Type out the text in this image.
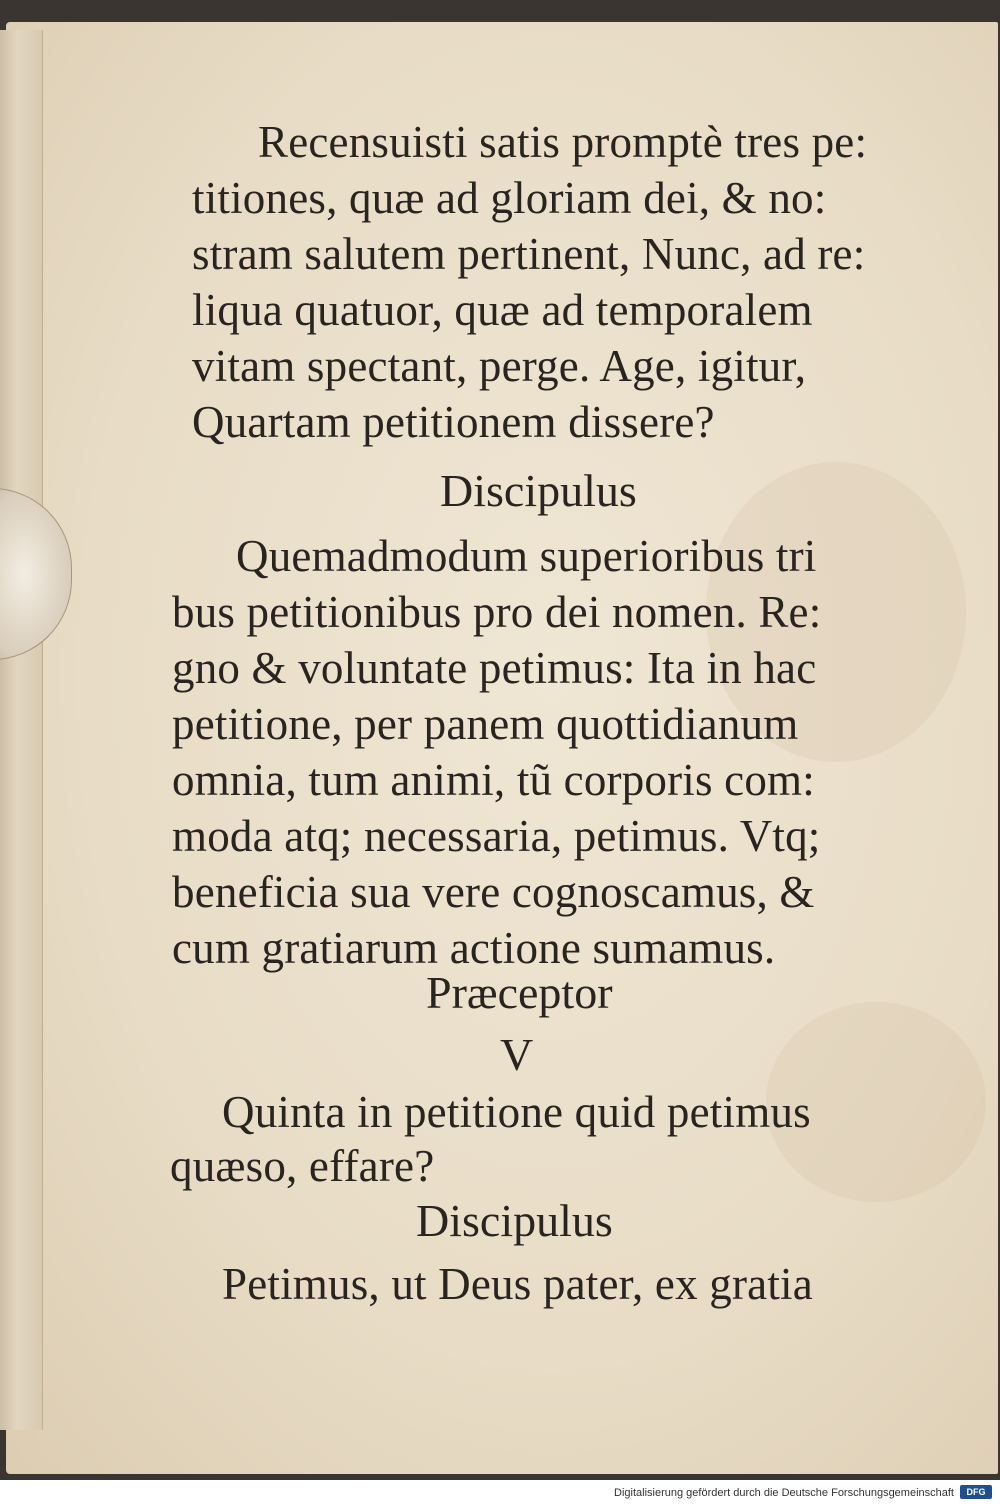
Recensuisti satis promptè tres pe:
titiones, quæ ad gloriam dei, & no:
stram salutem pertinent, Nunc, ad re:
liqua quatuor, quæ ad temporalem
vitam spectant, perge. Age, igitur,
Quartam petitionem dissere?
Discipulus
Quemadmodum superioribus tri
bus petitionibus pro dei nomen. Re:
gno & voluntate petimus: Ita in hac
petitione, per panem quottidianum
omnia, tum animi, tũ corporis com:
moda atq; necessaria, petimus. Vtq;
beneficia sua vere cognoscamus, &
cum gratiarum actione sumamus.
Præceptor
V
Quinta in petitione quid petimus
quæso, effare?
Discipulus
Petimus, ut Deus pater, ex gratia
Digitalisierung gefördert durch die Deutsche Forschungsgemeinschaft	DFG
